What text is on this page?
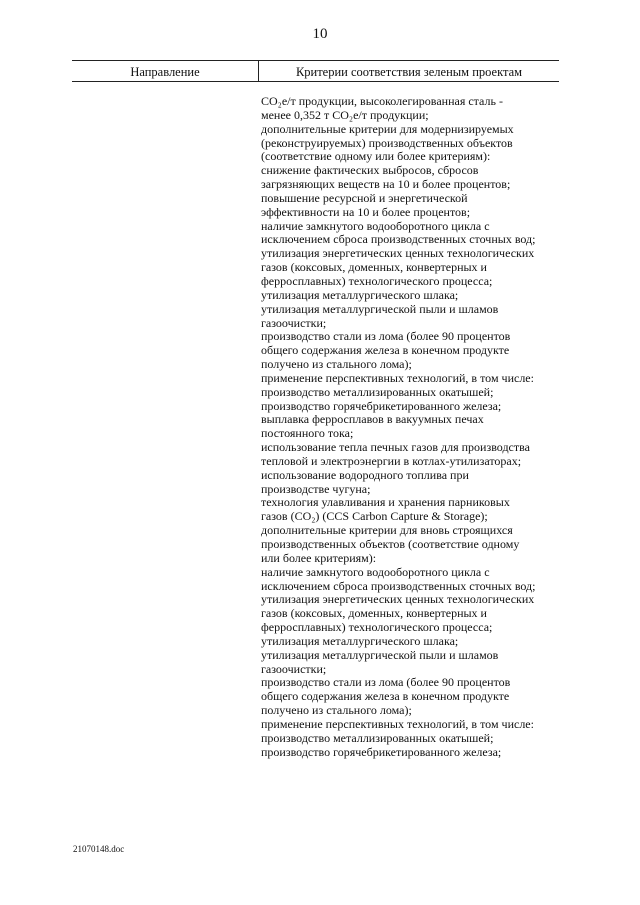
10
Направление	Критерии соответствия зеленым проектам
CO₂e/т продукции, высоколегированная сталь -
менее 0,352 т CO₂e/т продукции;
дополнительные критерии для модернизируемых
(реконструируемых) производственных объектов
(соответствие одному или более критериям):
снижение фактических выбросов, сбросов
загрязняющих веществ на 10 и более процентов;
повышение ресурсной и энергетической
эффективности на 10 и более процентов;
наличие замкнутого водооборотного цикла с
исключением сброса производственных сточных вод;
утилизация энергетических ценных технологических
газов (коксовых, доменных, конвертерных и
ферросплавных) технологического процесса;
утилизация металлургического шлака;
утилизация металлургической пыли и шламов
газоочистки;
производство стали из лома (более 90 процентов
общего содержания железа в конечном продукте
получено из стального лома);
применение перспективных технологий, в том числе:
производство металлизированных окатышей;
производство горячебрикетированного железа;
выплавка ферросплавов в вакуумных печах
постоянного тока;
использование тепла печных газов для производства
тепловой и электроэнергии в котлах-утилизаторах;
использование водородного топлива при
производстве чугуна;
технология улавливания и хранения парниковых
газов (CO₂) (CCS Carbon Capture & Storage);
дополнительные критерии для вновь строящихся
производственных объектов (соответствие одному
или более критериям):
наличие замкнутого водооборотного цикла с
исключением сброса производственных сточных вод;
утилизация энергетических ценных технологических
газов (коксовых, доменных, конвертерных и
ферросплавных) технологического процесса;
утилизация металлургического шлака;
утилизация металлургической пыли и шламов
газоочистки;
производство стали из лома (более 90 процентов
общего содержания железа в конечном продукте
получено из стального лома);
применение перспективных технологий, в том числе:
производство металлизированных окатышей;
производство горячебрикетированного железа;
21070148.doc
